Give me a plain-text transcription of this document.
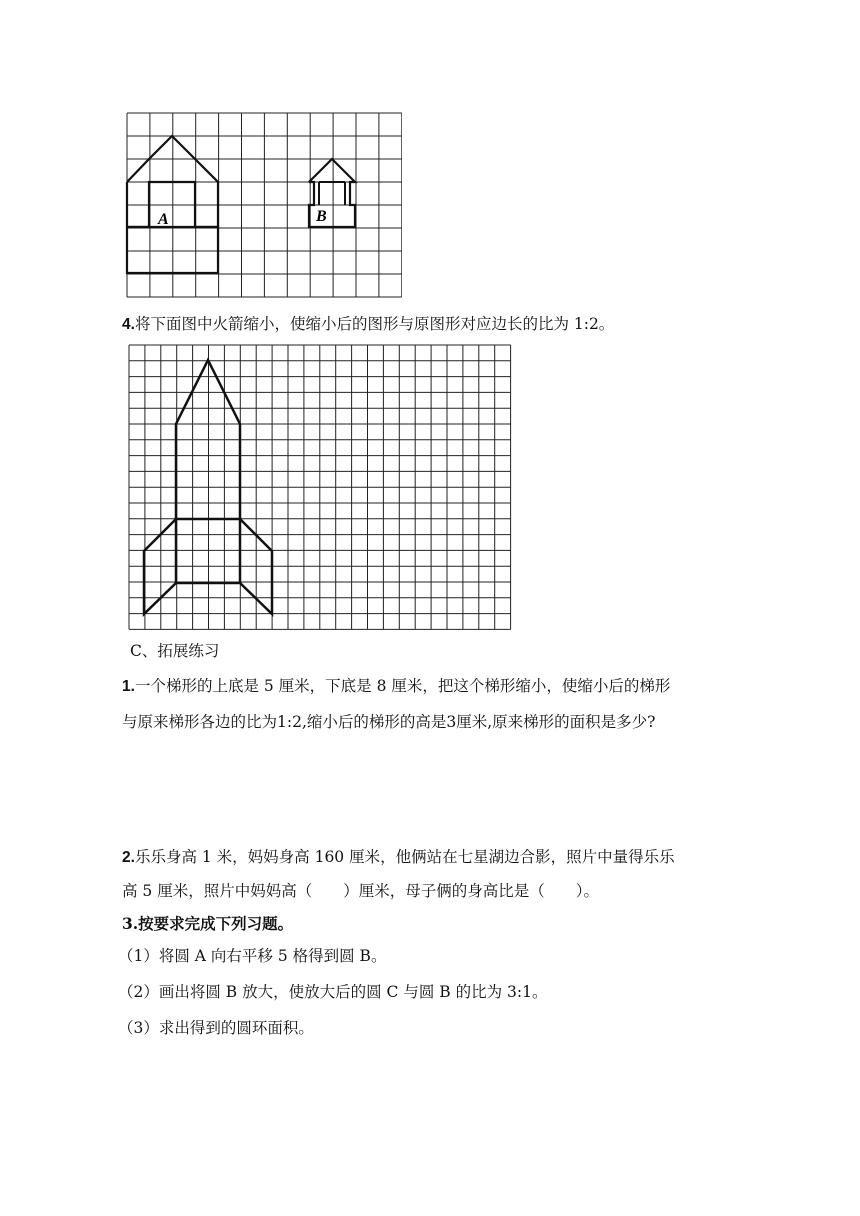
A	B
4.将下面图中火箭缩小，使缩小后的图形与原图形对应边长的比为 1:2。
C、拓展练习
1.一个梯形的上底是 5 厘米，下底是 8 厘米，把这个梯形缩小，使缩小后的梯形
与原来梯形各边的比为1:2,缩小后的梯形的高是3厘米,原来梯形的面积是多少?
2.乐乐身高 1 米，妈妈身高 160 厘米，他俩站在七星湖边合影，照片中量得乐乐
高 5 厘米，照片中妈妈高（　　）厘米，母子俩的身高比是（　　）。
3.按要求完成下列习题。
（1）将圆 A 向右平移 5 格得到圆 B。
（2）画出将圆 B 放大，使放大后的圆 C 与圆 B 的比为 3:1。
（3）求出得到的圆环面积。
